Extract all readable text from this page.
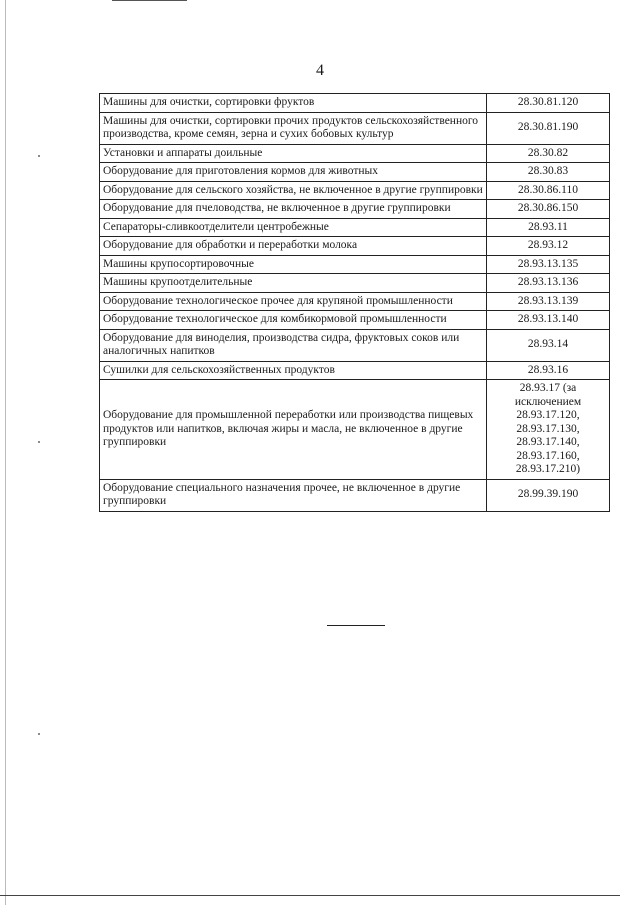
4
Машины для очистки, сортировки фруктов	28.30.81.120
Машины для очистки, сортировки прочих продуктов сельскохозяйственного производства, кроме семян, зерна и сухих бобовых культур	28.30.81.190
Установки и аппараты доильные	28.30.82
Оборудование для приготовления кормов для животных	28.30.83
Оборудование для сельского хозяйства, не включенное в другие группировки	28.30.86.110
Оборудование для пчеловодства, не включенное в другие группировки	28.30.86.150
Сепараторы-сливкоотделители центробежные	28.93.11
Оборудование для обработки и переработки молока	28.93.12
Машины крупосортировочные	28.93.13.135
Машины крупоотделительные	28.93.13.136
Оборудование технологическое прочее для крупяной промышленности	28.93.13.139
Оборудование технологическое для комбикормовой промышленности	28.93.13.140
Оборудование для виноделия, производства сидра, фруктовых соков или аналогичных напитков	28.93.14
Сушилки для сельскохозяйственных продуктов	28.93.16
Оборудование для промышленной переработки или производства пищевых продуктов или напитков, включая жиры и масла, не включенное в другие группировки	28.93.17 (за исключением 28.93.17.120, 28.93.17.130, 28.93.17.140, 28.93.17.160, 28.93.17.210)
Оборудование специального назначения прочее, не включенное в другие группировки	28.99.39.190
